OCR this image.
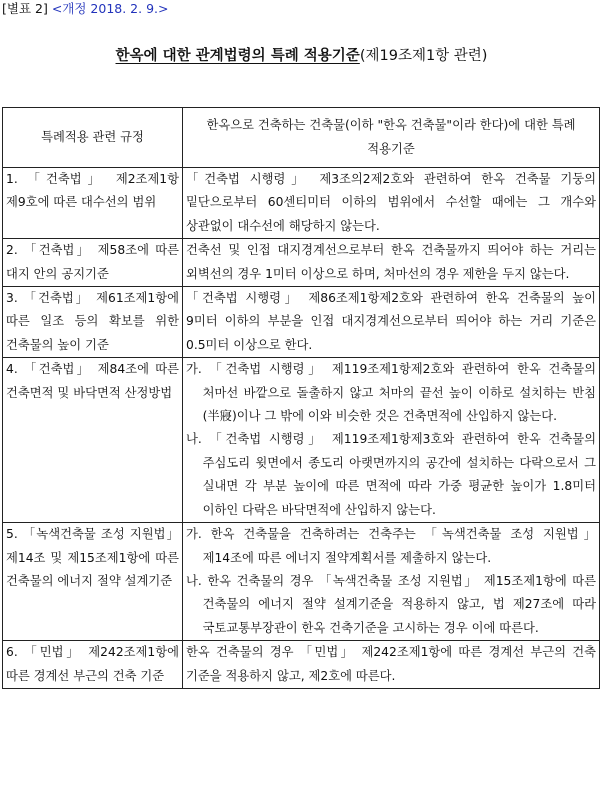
[별표 2] <개정 2018. 2. 9.>
한옥에 대한 관계법령의 특례 적용기준(제19조제1항 관련)
특례적용 관련 규정	한옥으로 건축하는 건축물(이하 "한옥 건축물"이라 한다)에 대한 특례 적용기준
1. 「건축법」 제2조제1항 제9호에 따른 대수선의 범위	「건축법 시행령」 제3조의2제2호와 관련하여 한옥 건축물 기둥의 밑단으로부터 60센티미터 이하의 범위에서 수선할 때에는 그 개수와 상관없이 대수선에 해당하지 않는다.
2. 「건축법」 제58조에 따른 대지 안의 공지기준	건축선 및 인접 대지경계선으로부터 한옥 건축물까지 띄어야 하는 거리는 외벽선의 경우 1미터 이상으로 하며, 처마선의 경우 제한을 두지 않는다.
3. 「건축법」 제61조제1항에 따른 일조 등의 확보를 위한 건축물의 높이 기준	「건축법 시행령」 제86조제1항제2호와 관련하여 한옥 건축물의 높이 9미터 이하의 부분을 인접 대지경계선으로부터 띄어야 하는 거리 기준은 0.5미터 이상으로 한다.
4. 「건축법」 제84조에 따른 건축면적 및 바닥면적 산정방법	가. 「건축법 시행령」 제119조제1항제2호와 관련하여 한옥 건축물의 처마선 바깥으로 돌출하지 않고 처마의 끝선 높이 이하로 설치하는 반침(半寢)이나 그 밖에 이와 비슷한 것은 건축면적에 산입하지 않는다.
나. 「건축법 시행령」 제119조제1항제3호와 관련하여 한옥 건축물의 주심도리 윗면에서 종도리 아랫면까지의 공간에 설치하는 다락으로서 그 실내면 각 부분 높이에 따른 면적에 따라 가중 평균한 높이가 1.8미터 이하인 다락은 바닥면적에 산입하지 않는다.

5. 「녹색건축물 조성 지원법」 제14조 및 제15조제1항에 따른 건축물의 에너지 절약 설계기준	가. 한옥 건축물을 건축하려는 건축주는 「녹색건축물 조성 지원법」 제14조에 따른 에너지 절약계획서를 제출하지 않는다.
나. 한옥 건축물의 경우 「녹색건축물 조성 지원법」 제15조제1항에 따른 건축물의 에너지 절약 설계기준을 적용하지 않고, 법 제27조에 따라 국토교통부장관이 한옥 건축기준을 고시하는 경우 이에 따른다.

6. 「민법」 제242조제1항에 따른 경계선 부근의 건축 기준	한옥 건축물의 경우 「민법」 제242조제1항에 따른 경계선 부근의 건축 기준을 적용하지 않고, 제2호에 따른다.
